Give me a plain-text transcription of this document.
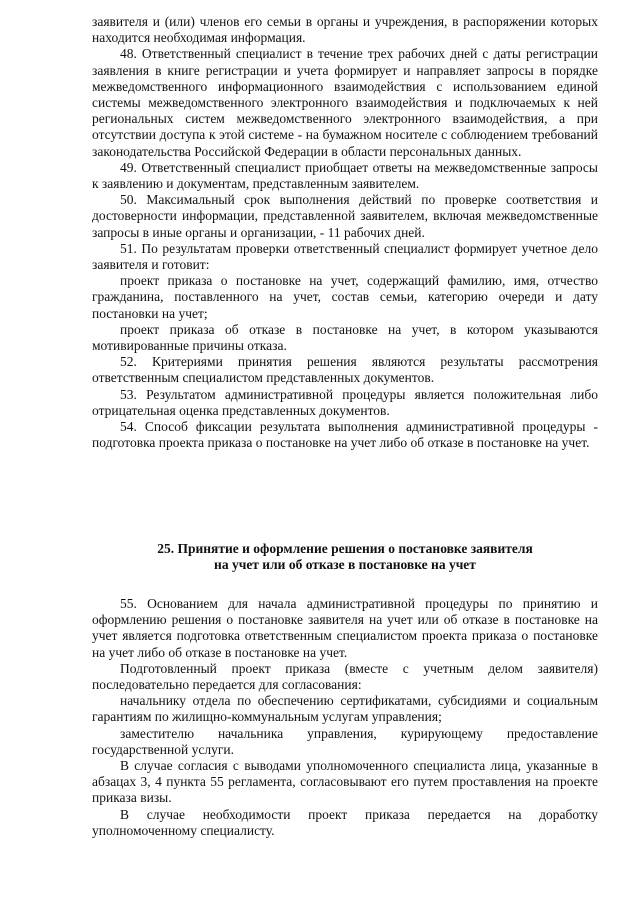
заявителя и (или) членов его семьи в органы и учреждения, в распоряжении которых находится необходимая информация.

48. Ответственный специалист в течение трех рабочих дней с даты регистрации заявления в книге регистрации и учета формирует и направляет запросы в порядке межведомственного информационного взаимодействия с использованием единой системы межведомственного электронного взаимодействия и подключаемых к ней региональных систем межведомственного электронного взаимодействия, а при отсутствии доступа к этой системе - на бумажном носителе с соблюдением требований законодательства Российской Федерации в области персональных данных.

49. Ответственный специалист приобщает ответы на межведомственные запросы к заявлению и документам, представленным заявителем.

50. Максимальный срок выполнения действий по проверке соответствия и достоверности информации, представленной заявителем, включая межведомственные запросы в иные органы и организации, - 11 рабочих дней.

51. По результатам проверки ответственный специалист формирует учетное дело заявителя и готовит:

проект приказа о постановке на учет, содержащий фамилию, имя, отчество гражданина, поставленного на учет, состав семьи, категорию очереди и дату постановки на учет;

проект приказа об отказе в постановке на учет, в котором указываются мотивированные причины отказа.

52. Критериями принятия решения являются результаты рассмотрения ответственным специалистом представленных документов.

53. Результатом административной процедуры является положительная либо отрицательная оценка представленных документов.

54. Способ фиксации результата выполнения административной процедуры - подготовка проекта приказа о постановке на учет либо об отказе в постановке на учет.

25. Принятие и оформление решения о постановке заявителя
на учет или об отказе в постановке на учет

55. Основанием для начала административной процедуры по принятию и оформлению решения о постановке заявителя на учет или об отказе в постановке на учет является подготовка ответственным специалистом проекта приказа о постановке на учет либо об отказе в постановке на учет.

Подготовленный проект приказа (вместе с учетным делом заявителя) последовательно передается для согласования:

начальнику отдела по обеспечению сертификатами, субсидиями и социальным гарантиям по жилищно-коммунальным услугам управления;

заместителю начальника управления, курирующему предоставление государственной услуги.

В случае согласия с выводами уполномоченного специалиста лица, указанные в абзацах 3, 4 пункта 55 регламента, согласовывают его путем проставления на проекте приказа визы.

В случае необходимости проект приказа передается на доработку уполномоченному специалисту.
